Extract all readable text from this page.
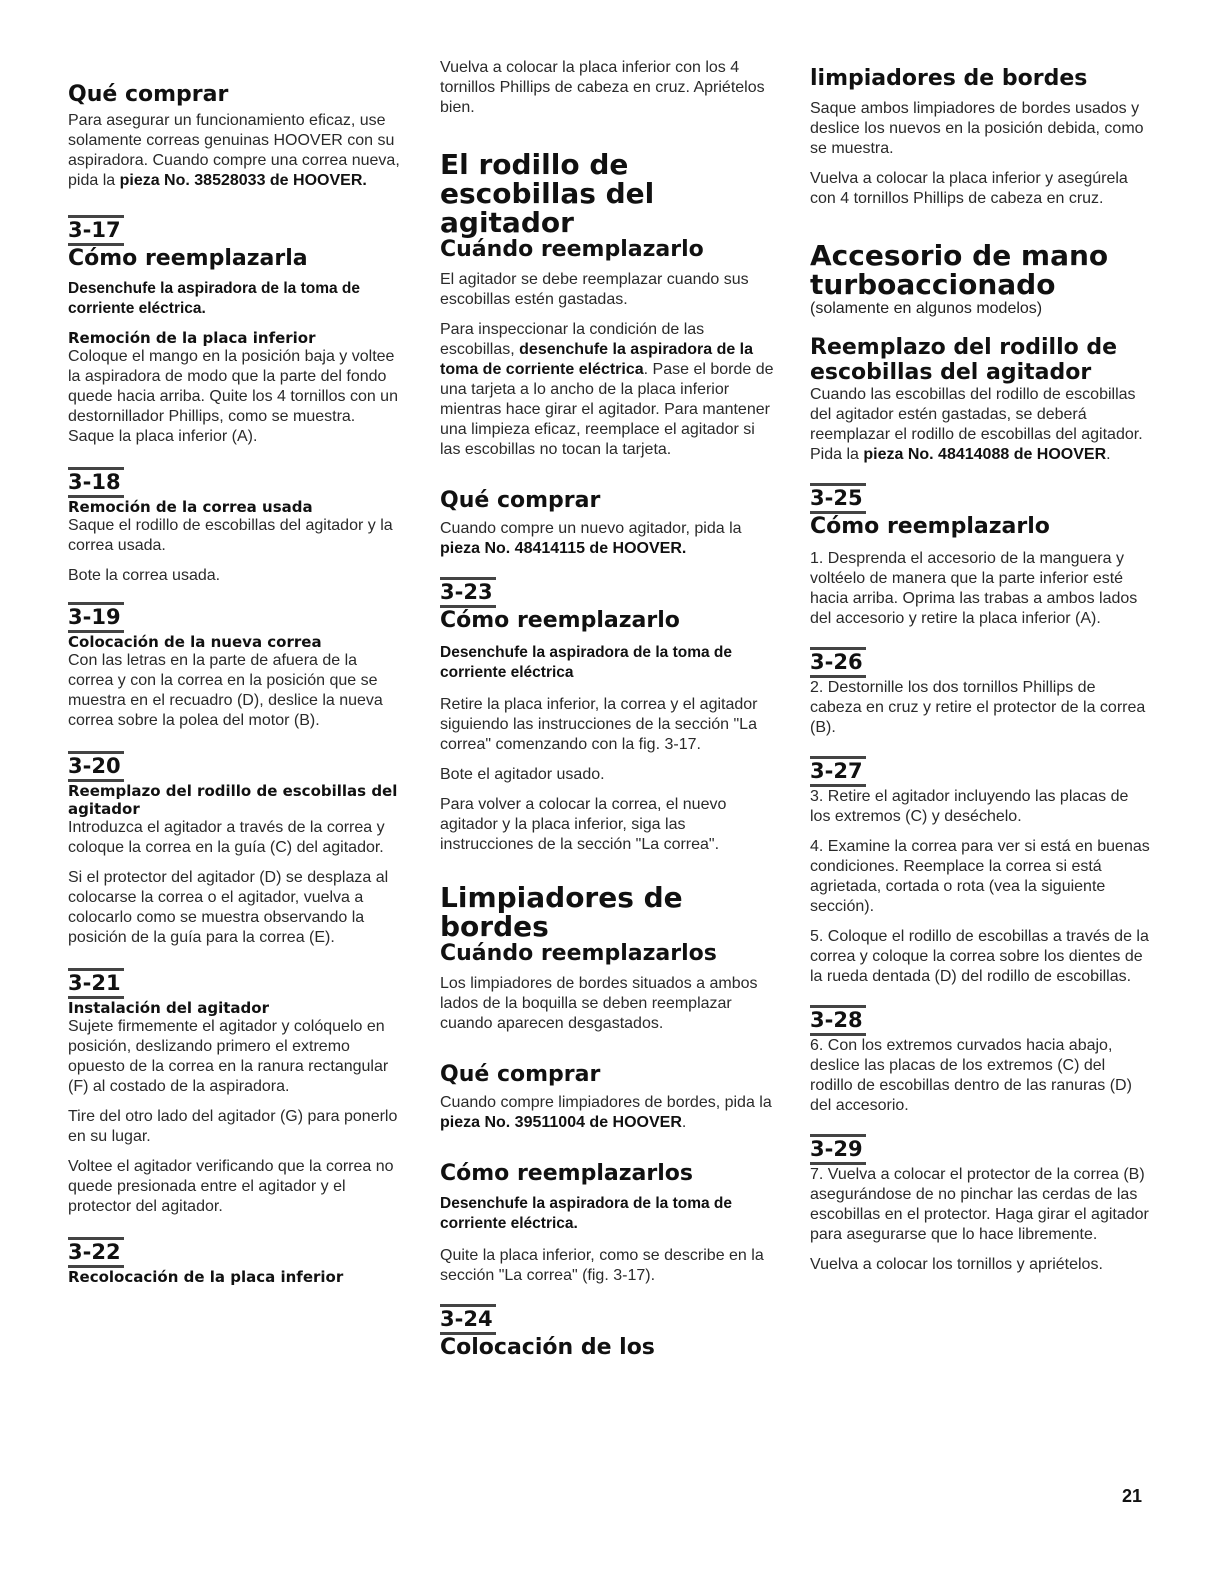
Qué comprar

Para asegurar un funcionamiento eficaz, use solamente correas genuinas HOOVER con su aspiradora. Cuando compre una correa nueva, pida la pieza No. 38528033 de HOOVER.

3-17
Cómo reemplazarla

Desenchufe la aspiradora de la toma de corriente eléctrica.

Remoción de la placa inferior

Coloque el mango en la posición baja y voltee la aspiradora de modo que la parte del fondo quede hacia arriba. Quite los 4 tornillos con un destornillador Phillips, como se muestra. Saque la placa inferior (A).

3-18
Remoción de la correa usada

Saque el rodillo de escobillas del agitador y la correa usada.

Bote la correa usada.

3-19
Colocación de la nueva correa

Con las letras en la parte de afuera de la correa y con la correa en la posición que se muestra en el recuadro (D), deslice la nueva correa sobre la polea del motor (B).

3-20
Reemplazo del rodillo de escobillas del agitador

Introduzca el agitador a través de la correa y coloque la correa en la guía (C) del agitador.

Si el protector del agitador (D) se desplaza al colocarse la correa o el agitador, vuelva a colocarlo como se muestra observando la posición de la guía para la correa (E).

3-21
Instalación del agitador

Sujete firmemente el agitador y colóquelo en posición, deslizando primero el extremo opuesto de la correa en la ranura rectangular (F) al costado de la aspiradora.

Tire del otro lado del agitador (G) para ponerlo en su lugar.

Voltee el agitador verificando que la correa no quede presionada entre el agitador y el protector del agitador.

3-22
Recolocación de la placa inferior

Vuelva a colocar la placa inferior con los 4 tornillos Phillips de cabeza en cruz. Apriételos bien.

El rodillo de escobillas del agitador
Cuándo reemplazarlo

El agitador se debe reemplazar cuando sus escobillas estén gastadas.

Para inspeccionar la condición de las escobillas, desenchufe la aspiradora de la toma de corriente eléctrica. Pase el borde de una tarjeta a lo ancho de la placa inferior mientras hace girar el agitador. Para mantener una limpieza eficaz, reemplace el agitador si las escobillas no tocan la tarjeta.

Qué comprar

Cuando compre un nuevo agitador, pida la pieza No. 48414115 de HOOVER.

3-23
Cómo reemplazarlo

Desenchufe la aspiradora de la toma de corriente eléctrica

Retire la placa inferior, la correa y el agitador siguiendo las instrucciones de la sección "La correa" comenzando con la fig. 3-17.

Bote el agitador usado.

Para volver a colocar la correa, el nuevo agitador y la placa inferior, siga las instrucciones de la sección "La correa".

Limpiadores de bordes
Cuándo reemplazarlos

Los limpiadores de bordes situados a ambos lados de la boquilla se deben reemplazar cuando aparecen desgastados.

Qué comprar

Cuando compre limpiadores de bordes, pida la pieza No. 39511004 de HOOVER.

Cómo reemplazarlos

Desenchufe la aspiradora de la toma de corriente eléctrica.

Quite la placa inferior, como se describe en la sección "La correa" (fig. 3-17).

3-24
Colocación de los
limpiadores de bordes

Saque ambos limpiadores de bordes usados y deslice los nuevos en la posición debida, como se muestra.

Vuelva a colocar la placa inferior y asegúrela con 4 tornillos Phillips de cabeza en cruz.

Accesorio de mano turboaccionado

(solamente en algunos modelos)

Reemplazo del rodillo de escobillas del agitador

Cuando las escobillas del rodillo de escobillas del agitador estén gastadas, se deberá reemplazar el rodillo de escobillas del agitador. Pida la pieza No. 48414088 de HOOVER.

3-25
Cómo reemplazarlo

1. Desprenda el accesorio de la manguera y voltéelo de manera que la parte inferior esté hacia arriba. Oprima las trabas a ambos lados del accesorio y retire la placa inferior (A).

3-26

2. Destornille los dos tornillos Phillips de cabeza en cruz y retire el protector de la correa (B).

3-27

3. Retire el agitador incluyendo las placas de los extremos (C) y deséchelo.

4. Examine la correa para ver si está en buenas condiciones. Reemplace la correa si está agrietada, cortada o rota (vea la siguiente sección).

5. Coloque el rodillo de escobillas a través de la correa y coloque la correa sobre los dientes de la rueda dentada (D) del rodillo de escobillas.

3-28

6. Con los extremos curvados hacia abajo, deslice las placas de los extremos (C) del rodillo de escobillas dentro de las ranuras (D) del accesorio.

3-29

7. Vuelva a colocar el protector de la correa (B) asegurándose de no pinchar las cerdas de las escobillas en el protector. Haga girar el agitador para asegurarse que lo hace libremente.

Vuelva a colocar los tornillos y apriételos.

21
